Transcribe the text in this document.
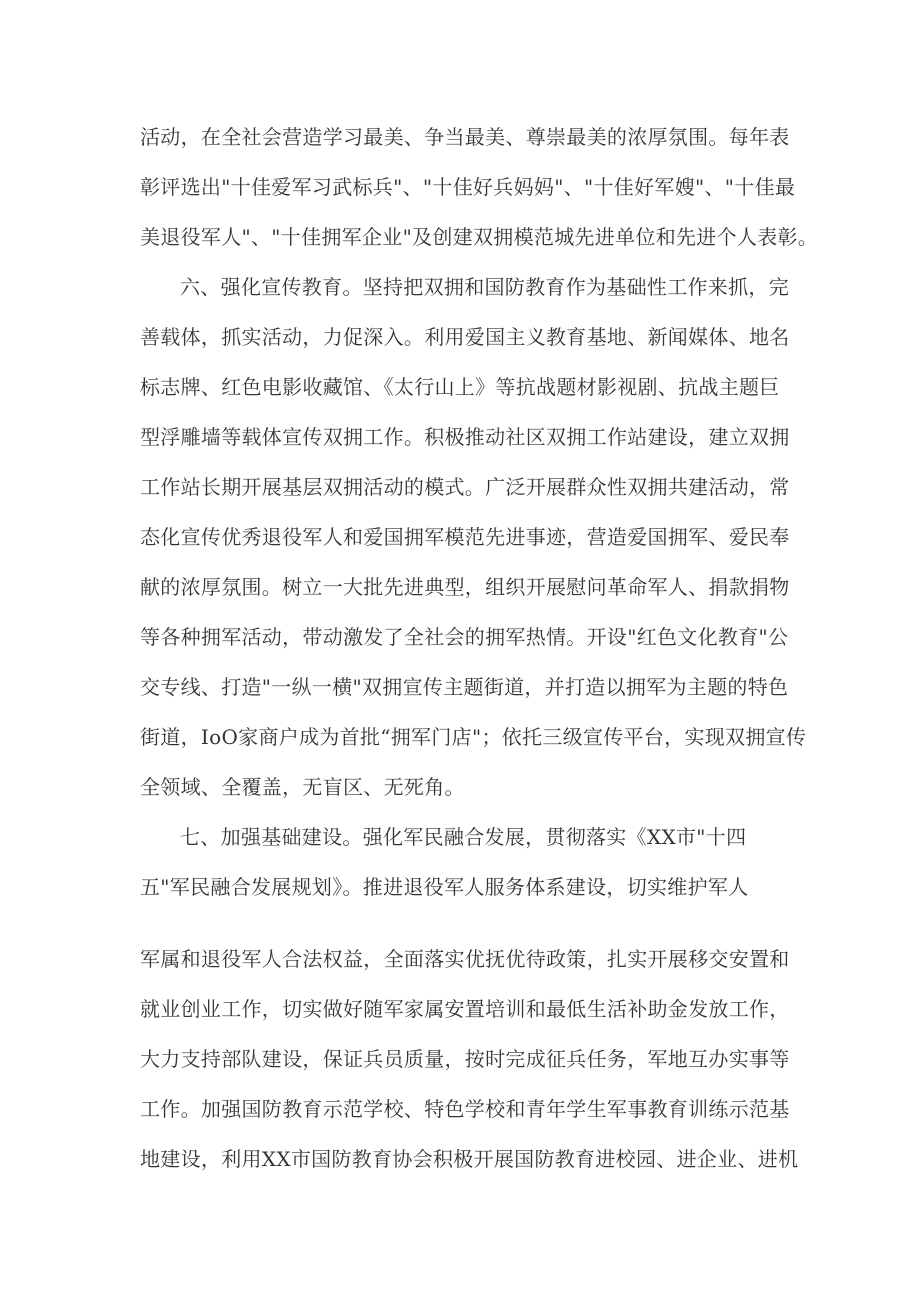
活动，在全社会营造学习最美、争当最美、尊崇最美的浓厚氛围。每年表
彰评选出"十佳爱军习武标兵"、"十佳好兵妈妈"、"十佳好军嫂"、"十佳最
美退役军人"、"十佳拥军企业"及创建双拥模范城先进单位和先进个人表彰。
六、强化宣传教育。坚持把双拥和国防教育作为基础性工作来抓，完
善载体，抓实活动，力促深入。利用爱国主义教育基地、新闻媒体、地名
标志牌、红色电影收藏馆、《太行山上》等抗战题材影视剧、抗战主题巨
型浮雕墙等载体宣传双拥工作。积极推动社区双拥工作站建设，建立双拥
工作站长期开展基层双拥活动的模式。广泛开展群众性双拥共建活动，常
态化宣传优秀退役军人和爱国拥军模范先进事迹，营造爱国拥军、爱民奉
献的浓厚氛围。树立一大批先进典型，组织开展慰问革命军人、捐款捐物
等各种拥军活动，带动激发了全社会的拥军热情。开设"红色文化教育"公
交专线、打造"一纵一横"双拥宣传主题街道，并打造以拥军为主题的特色
街道，IoO家商户成为首批“拥军门店"；依托三级宣传平台，实现双拥宣传
全领域、全覆盖，无盲区、无死角。
七、加强基础建设。强化军民融合发展，贯彻落实《XX市"十四
五"军民融合发展规划》。推进退役军人服务体系建设，切实维护军人
军属和退役军人合法权益，全面落实优抚优待政策，扎实开展移交安置和
就业创业工作，切实做好随军家属安置培训和最低生活补助金发放工作，
大力支持部队建设，保证兵员质量，按时完成征兵任务，军地互办实事等
工作。加强国防教育示范学校、特色学校和青年学生军事教育训练示范基
地建设，利用XX市国防教育协会积极开展国防教育进校园、进企业、进机
